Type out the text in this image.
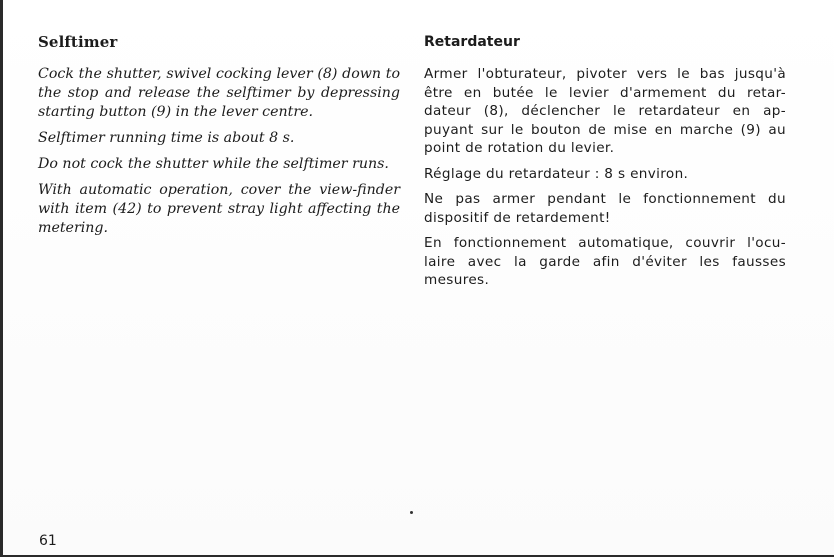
Selftimer

Cock the shutter, swivel cocking lever (8) down to the stop and release the selftimer by depressing starting button (9) in the lever centre.

Selftimer running time is about 8 s.

Do not cock the shutter while the selftimer runs.

With automatic operation, cover the view-finder with item (42) to prevent stray light affecting the metering.

Retardateur

Armer l'obturateur, pivoter vers le bas jusqu'à être en butée le levier d'armement du retar-dateur (8), déclencher le retardateur en ap-puyant sur le bouton de mise en marche (9) au point de rotation du levier.

Réglage du retardateur : 8 s environ.

Ne pas armer pendant le fonctionnement du dispositif de retardement!

En fonctionnement automatique, couvrir l'ocu-laire avec la garde afin d'éviter les fausses mesures.

61
